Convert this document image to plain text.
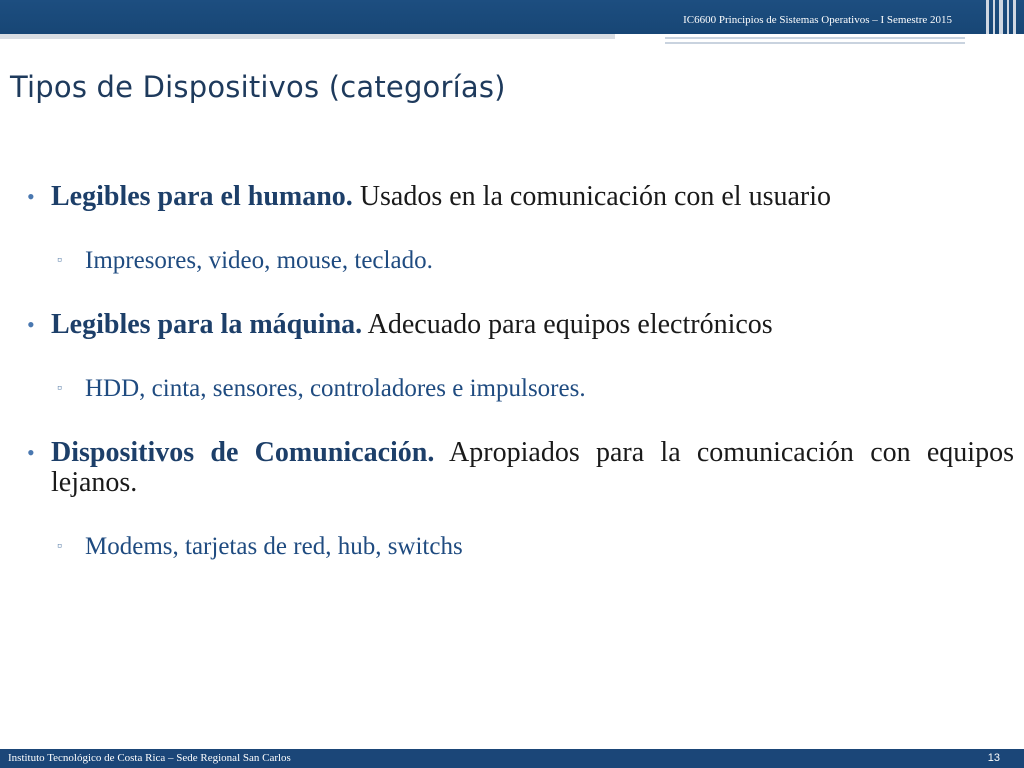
IC6600 Principios de Sistemas Operativos – I Semestre 2015
Tipos de Dispositivos (categorías)
• Legibles para el humano. Usados en la comunicación con el usuario
▫ Impresores, video, mouse, teclado.
• Legibles para la máquina. Adecuado para equipos electrónicos
▫ HDD, cinta, sensores, controladores e impulsores.
• Dispositivos de Comunicación. Apropiados para la comunicación con equipos lejanos.
▫ Modems, tarjetas de red, hub, switchs
Instituto Tecnológico de Costa Rica – Sede Regional San Carlos	13
